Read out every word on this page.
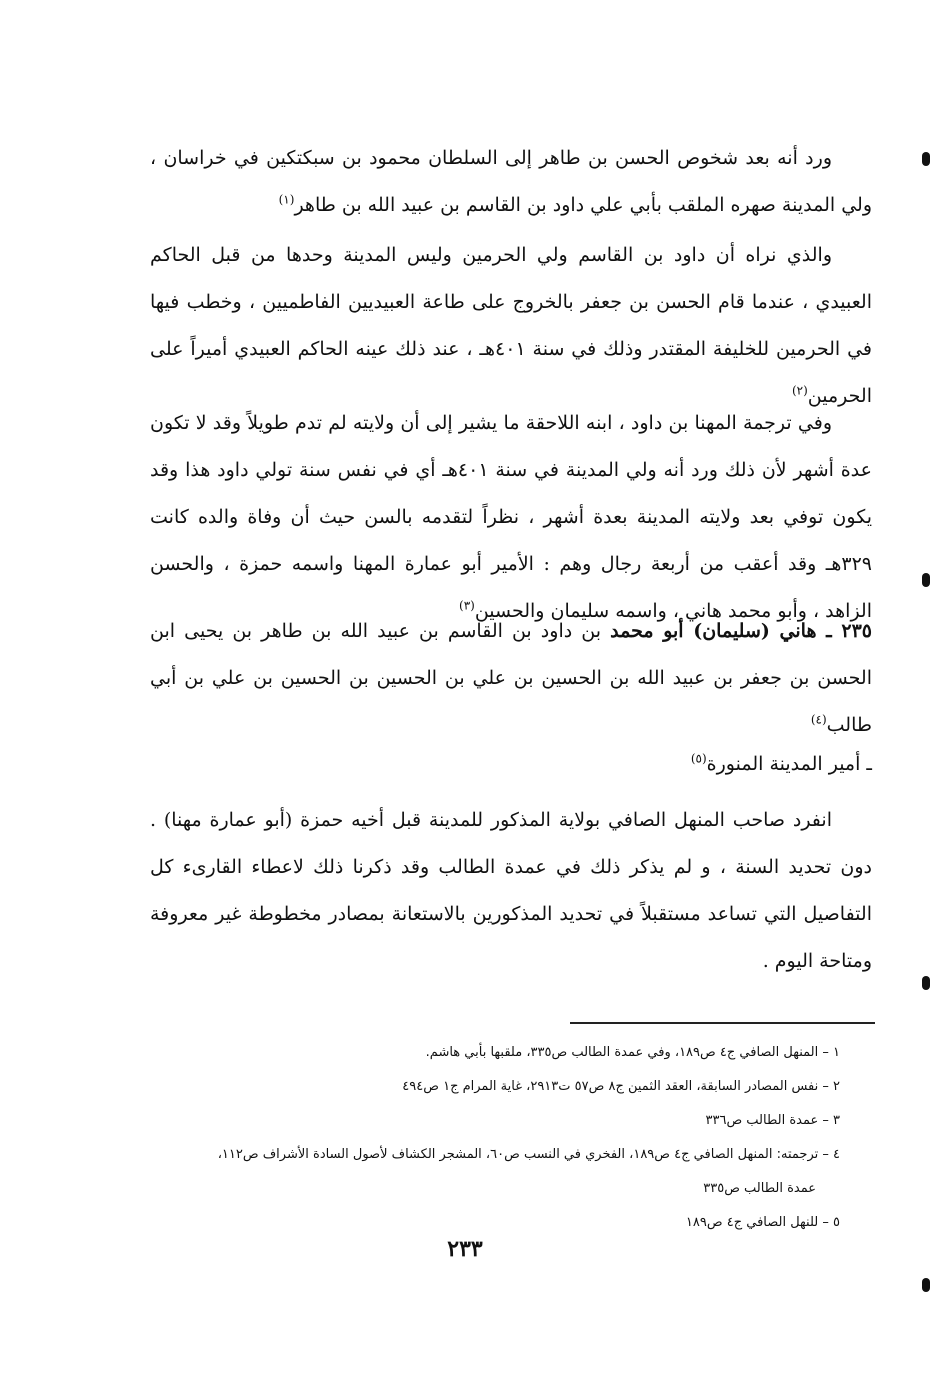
ورد أنه بعد شخوص الحسن بن طاهر إلى السلطان محمود بن سبكتكين في خراسان ، ولي المدينة صهره الملقب بأبي علي داود بن القاسم بن عبيد الله بن طاهر$^{(١)}$

والذي نراه أن داود بن القاسم ولي الحرمين وليس المدينة وحدها من قبل الحاكم العبيدي ، عندما قام الحسن بن جعفر بالخروج على طاعة العبيديين الفاطميين ، وخطب فيها في الحرمين للخليفة المقتدر وذلك في سنة ٤٠١هـ ، عند ذلك عينه الحاكم العبيدي أميراً على الحرمين$^{(٢)}$

وفي ترجمة المهنا بن داود ، ابنه اللاحقة ما يشير إلى أن ولايته لم تدم طويلاً وقد لا تكون عدة أشهر لأن ذلك ورد أنه ولي المدينة في سنة ٤٠١هـ أي في نفس سنة تولي داود هذا وقد يكون توفي بعد ولايته المدينة بعدة أشهر ، نظراً لتقدمه بالسن حيث أن وفاة والده كانت ٣٢٩هـ وقد أعقب من أربعة رجال وهم : الأمير أبو عمارة المهنا واسمه حمزة ، والحسن الزاهد ، وأبو محمد هاني ، واسمه سليمان والحسين$^{(٣)}$

٢٣٥ ـ هاني (سليمان) أبو محمد بن داود بن القاسم بن عبيد الله بن طاهر بن يحيى ابن الحسن بن جعفر بن عبيد الله بن الحسين بن علي بن الحسين بن الحسين بن علي بن أبي طالب$^{(٤)}$

ـ أمير المدينة المنورة$^{(٥)}$

انفرد صاحب المنهل الصافي بولاية المذكور للمدينة قبل أخيه حمزة (أبو عمارة مهنا) . دون تحديد السنة ، و لم يذكر ذلك في عمدة الطالب وقد ذكرنا ذلك لاعطاء القارىء كل التفاصيل التي تساعد مستقبلاً في تحديد المذكورين بالاستعانة بمصادر مخطوطة غير معروفة ومتاحة اليوم .

١ – المنهل الصافي ج٤ ص١٨٩، وفي عمدة الطالب ص٣٣٥، ملقبها بأبي هاشم.

٢ – نفس المصادر السابقة، العقد الثمين ج٨ ص٥٧ ت٢٩١٣، غاية المرام ج١ ص٤٩٤

٣ – عمدة الطالب ص٣٣٦

٤ – ترجمته: المنهل الصافي ج٤ ص١٨٩، الفخري في النسب ص٦٠، المشجر الكشاف لأصول السادة الأشراف ص١١٢،

عمدة الطالب ص٣٣٥

٥ – للنهل الصافي ج٤ ص١٨٩

٢٣٣
